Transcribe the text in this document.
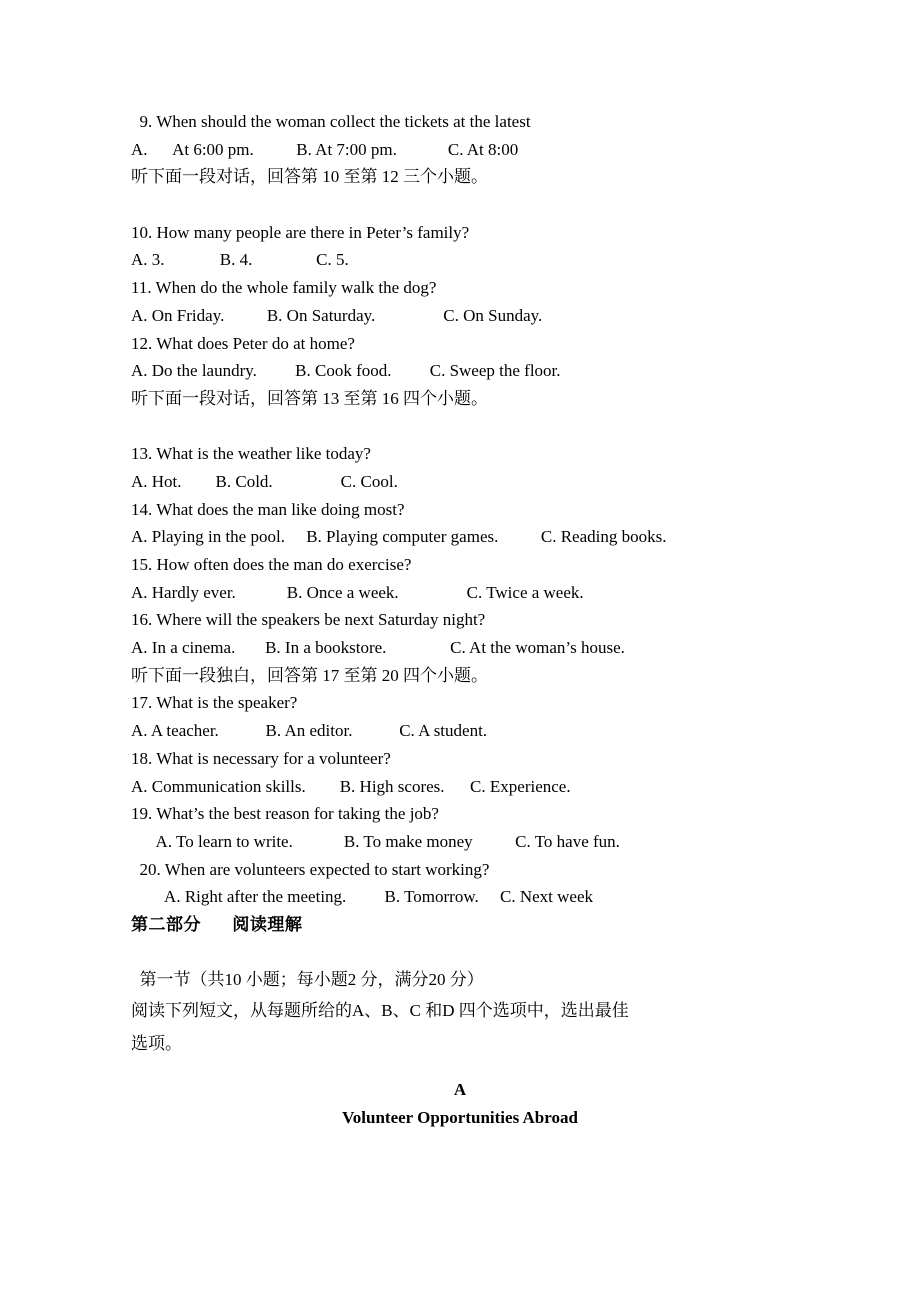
9. When should the woman collect the tickets at the latest
A.      At 6:00 pm.          B. At 7:00 pm.            C. At 8:00
听下面一段对话，回答第 10 至第 12 三个小题。
10. How many people are there in Peter’s family?
A. 3.             B. 4.               C. 5.
11. When do the whole family walk the dog?
A. On Friday.          B. On Saturday.                C. On Sunday.
12. What does Peter do at home?
A. Do the laundry.         B. Cook food.         C. Sweep the floor.
听下面一段对话，回答第 13 至第 16 四个小题。
13. What is the weather like today?
A. Hot.        B. Cold.                C. Cool.
14. What does the man like doing most?
A. Playing in the pool.     B. Playing computer games.          C. Reading books.
15. How often does the man do exercise?
A. Hardly ever.            B. Once a week.                C. Twice a week.
16. Where will the speakers be next Saturday night?
A. In a cinema.       B. In a bookstore.               C. At the woman’s house.
听下面一段独白，回答第 17 至第 20 四个小题。
17. What is the speaker?
A. A teacher.           B. An editor.           C. A student.
18. What is necessary for a volunteer?
A. Communication skills.        B. High scores.      C. Experience.
19. What’s the best reason for taking the job?
A. To learn to write.            B. To make money          C. To have fun.
20. When are volunteers expected to start working?
A. Right after the meeting.         B. Tomorrow.     C. Next week
第二部分      阅读理解
第一节（共10 小题；每小题2 分，满分20 分）
阅读下列短文，从每题所给的A、B、C 和D 四个选项中，选出最佳
选项。
A
Volunteer Opportunities Abroad
